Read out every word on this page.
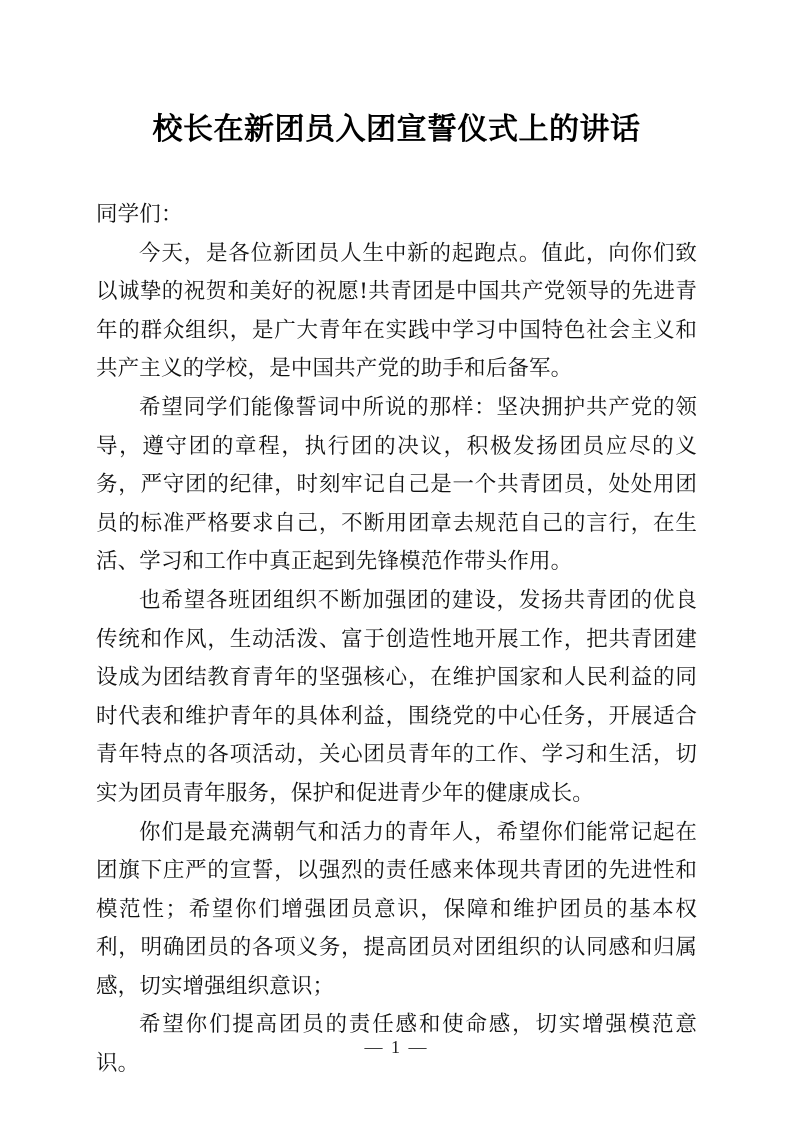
校长在新团员入团宣誓仪式上的讲话

同学们：

今天，是各位新团员人生中新的起跑点。值此，向你们致以诚挚的祝贺和美好的祝愿!共青团是中国共产党领导的先进青年的群众组织，是广大青年在实践中学习中国特色社会主义和共产主义的学校，是中国共产党的助手和后备军。

希望同学们能像誓词中所说的那样：坚决拥护共产党的领导，遵守团的章程，执行团的决议，积极发扬团员应尽的义务，严守团的纪律，时刻牢记自己是一个共青团员，处处用团员的标准严格要求自己，不断用团章去规范自己的言行，在生活、学习和工作中真正起到先锋模范作带头作用。

也希望各班团组织不断加强团的建设，发扬共青团的优良传统和作风，生动活泼、富于创造性地开展工作，把共青团建设成为团结教育青年的坚强核心，在维护国家和人民利益的同时代表和维护青年的具体利益，围绕党的中心任务，开展适合青年特点的各项活动，关心团员青年的工作、学习和生活，切实为团员青年服务，保护和促进青少年的健康成长。

你们是最充满朝气和活力的青年人，希望你们能常记起在团旗下庄严的宣誓，以强烈的责任感来体现共青团的先进性和模范性；希望你们增强团员意识，保障和维护团员的基本权利，明确团员的各项义务，提高团员对团组织的认同感和归属感，切实增强组织意识；

希望你们提高团员的责任感和使命感，切实增强模范意识。

— 1 —
